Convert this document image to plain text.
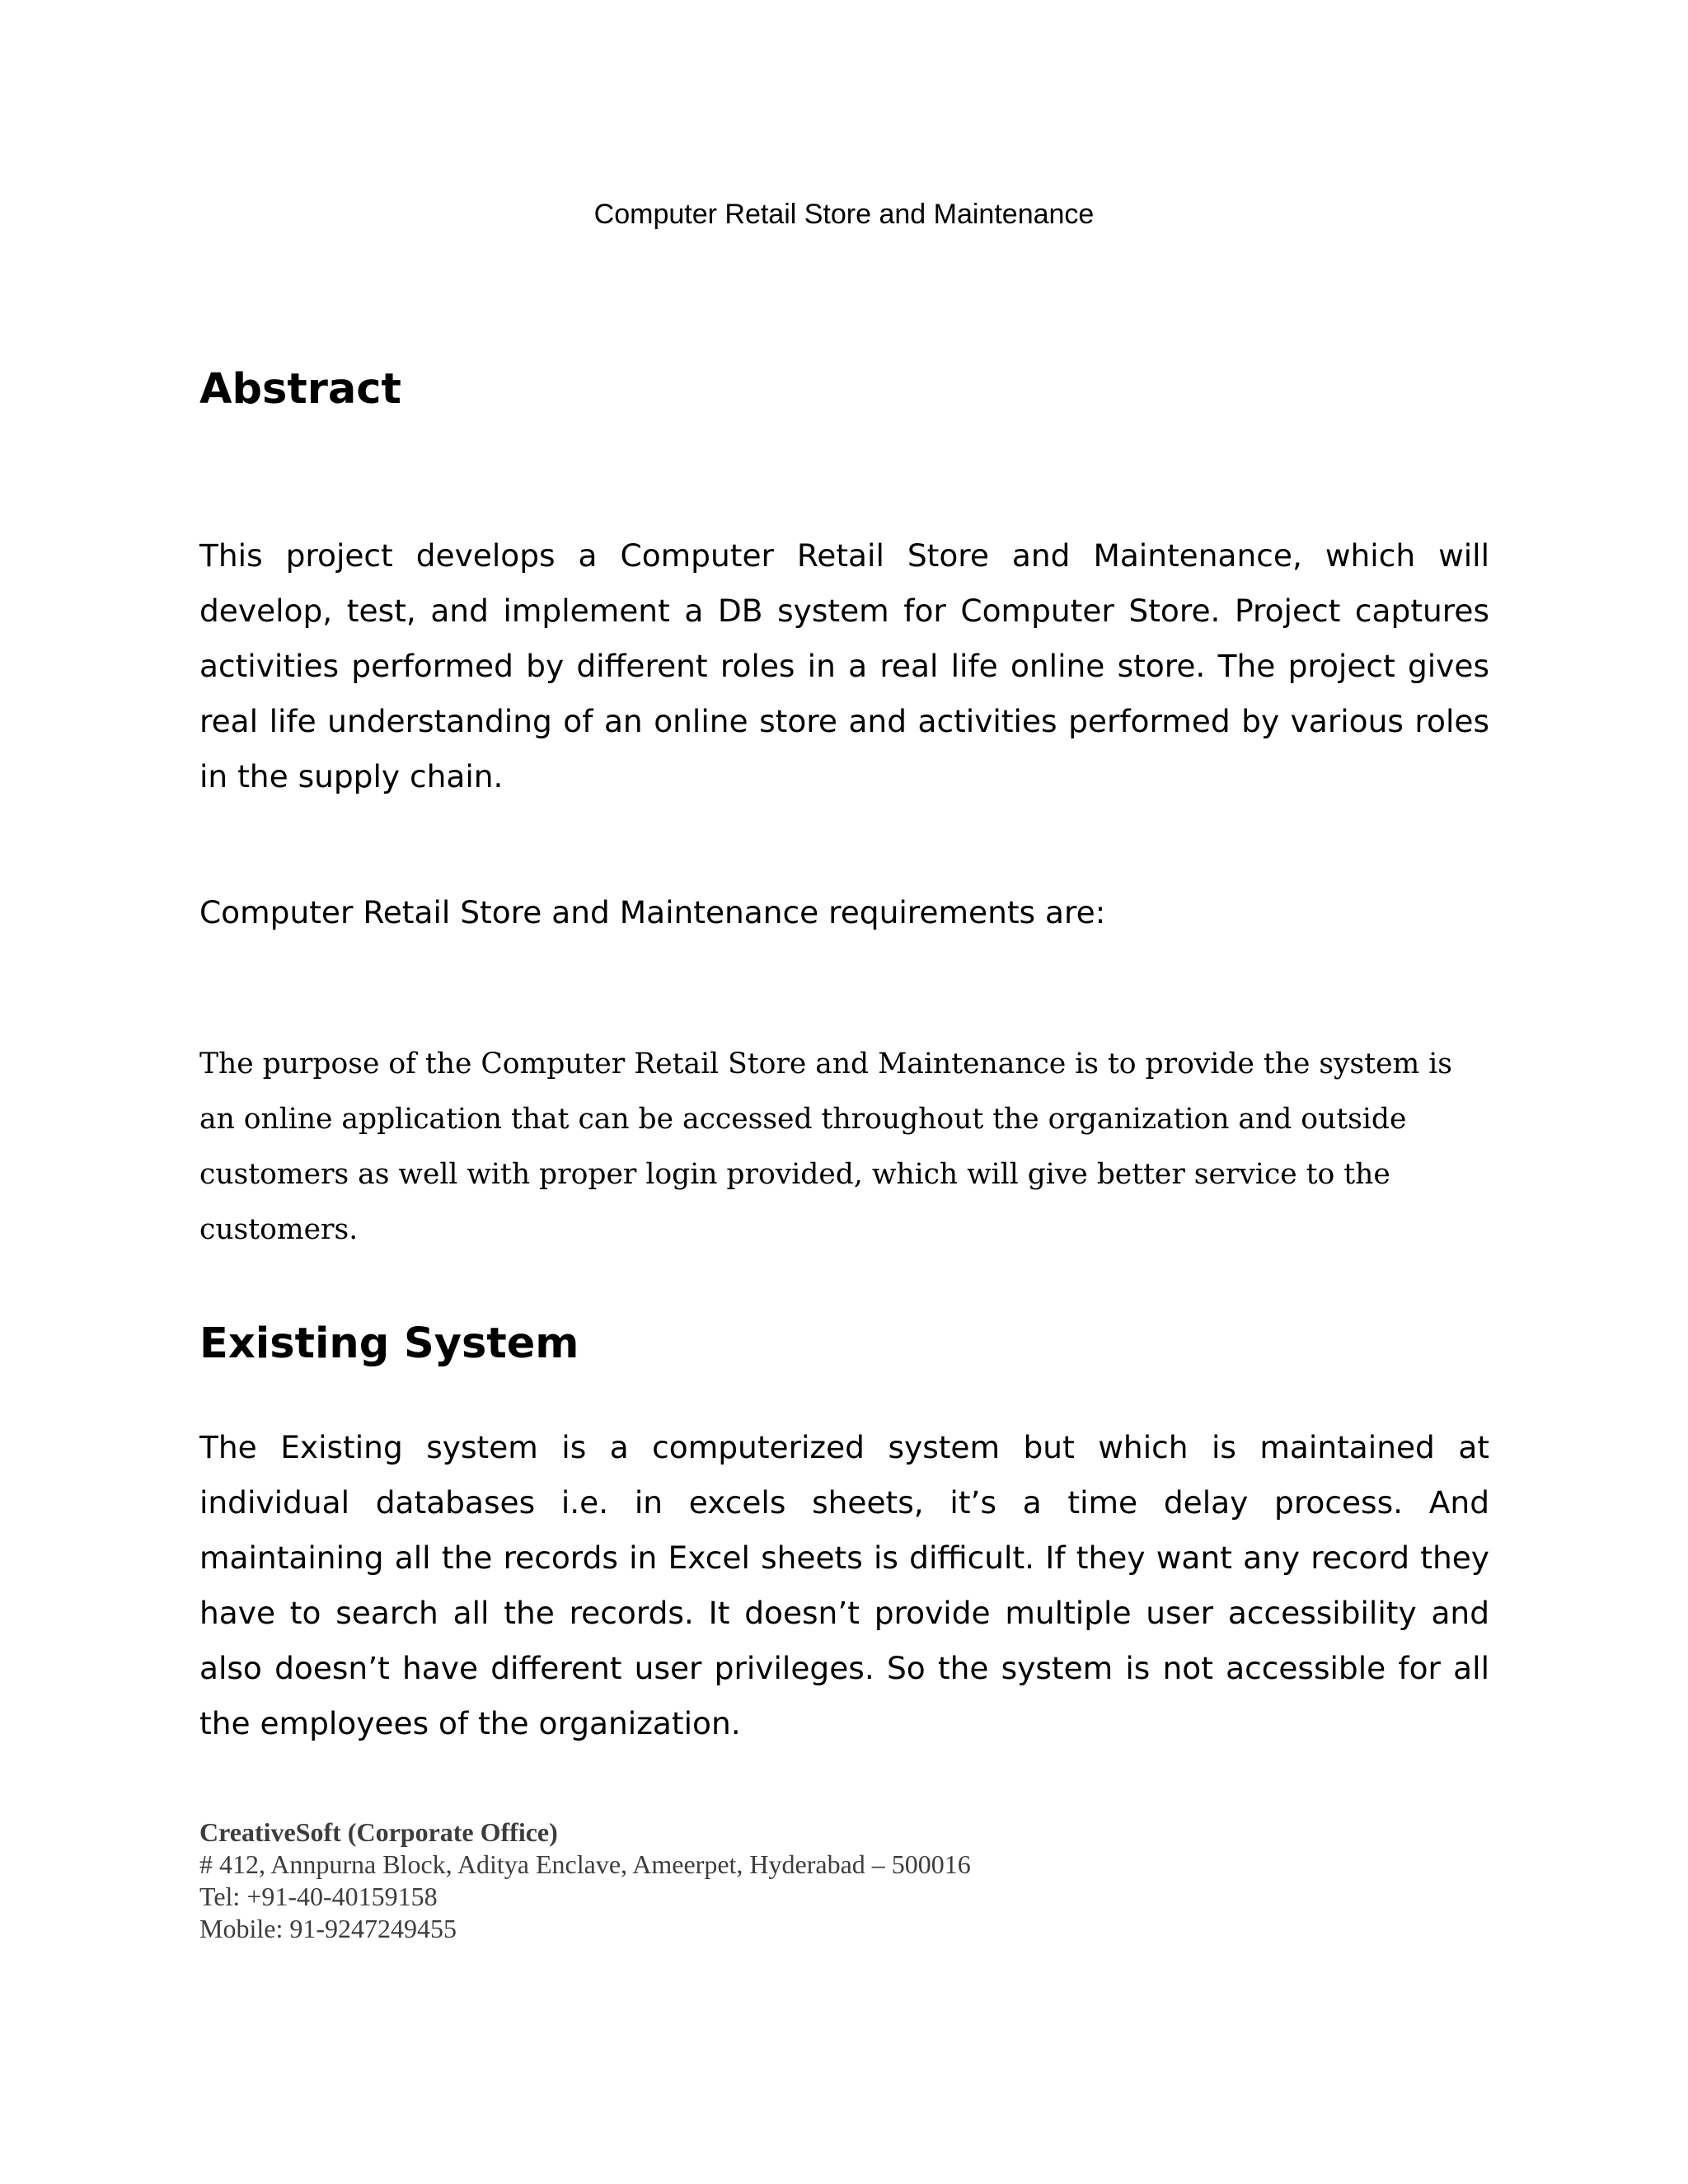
Computer Retail Store and Maintenance
Abstract

This project develops a Computer Retail Store and Maintenance, which will develop, test, and implement a DB system for Computer Store. Project captures activities performed by different roles in a real life online store. The project gives real life understanding of an online store and activities performed by various roles in the supply chain.

Computer Retail Store and Maintenance requirements are:

The purpose of the Computer Retail Store and Maintenance is to provide the system is an online application that can be accessed throughout the organization and outside customers as well with proper login provided, which will give better service to the customers.

Existing System

The Existing system is a computerized system but which is maintained at individual databases i.e. in excels sheets, it’s a time delay process. And maintaining all the records in Excel sheets is difficult. If they want any record they have to search all the records. It doesn’t provide multiple user accessibility and also doesn’t have different user privileges. So the system is not accessible for all the employees of the organization.

CreativeSoft (Corporate Office)
# 412, Annpurna Block, Aditya Enclave, Ameerpet, Hyderabad – 500016
Tel: +91-40-40159158
Mobile: 91-9247249455
